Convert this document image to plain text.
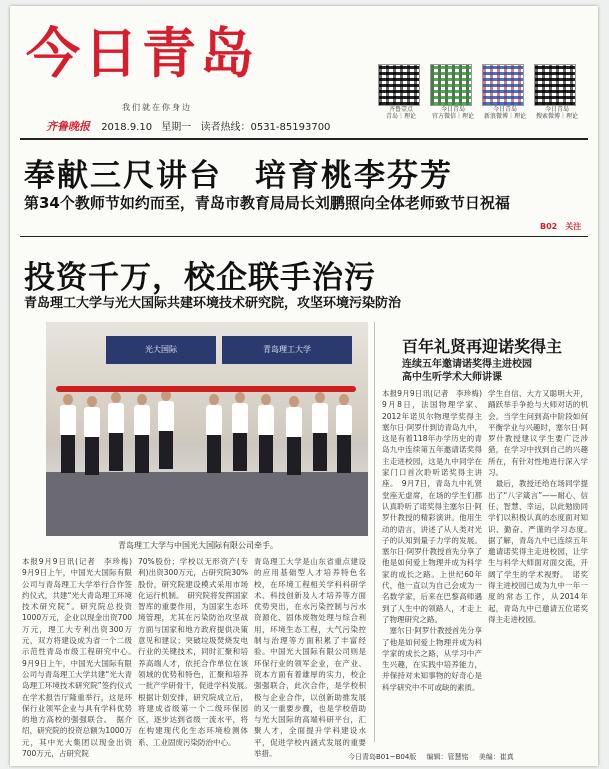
今日青岛
我们就在你身边
齐鲁晚报 2018.9.10 星期一 读者热线：0531-85193700
齐鲁壹点
青岛｜理论
今日青岛
官方微信｜理论
今日青岛
新浪微博｜理论
今日青岛
搜索微博｜理论
奉献三尺讲台　培育桃李芬芳
第34个教师节如约而至，青岛市教育局局长刘鹏照向全体老师致节日祝福
B02　关注
投资千万，校企联手治污
青岛理工大学与光大国际共建环境技术研究院，攻坚环境污染防治
光大国际	青岛理工大学
青岛理工大学与中国光大国际有限公司牵手。
本报9月9日讯(记者　李珍梅)　9月9日上午，中国光大国际有限公司与青岛理工大学举行合作签约仪式，共建“光大青岛理工环境技术研究院”。研究院总投资1000万元，企业以现金出资700万元，理工大专利出资300万元，双方将建设成为省一个二级示范性青岛市级工程研究中心。　9月9日上午，中国光大国际有限公司与青岛理工大学共建“光大青岛理工环境技术研究院”签约仪式在学术报告厅隆重举行，这是环保行业领军企业与具有学科优势的地方高校的强强联合。　据介绍，研究院的投资总额为1000万元，其中光大集团以现金出资700万元，占研究院
70%股份；学校以无形资产(专利)出资300万元，占研究院30%股份，研究院建设模式采用市场化运行机制。　研究院将发挥国家智库的重要作用，为国家生态环境管理，尤其在污染防治攻坚战方面与国家和地方政府提供决策意见和建议；突破垃圾焚烧发电行业的关键技术，同时汇聚和培养高端人才，依托合作单位在该领域的优势和特色，汇聚和培养一批产学研骨干，促进学科发展。　根据计划安排，研究院成立后，将建成省级第一个二级环保园区，逐步达到省级一流水平，将在构建现代化生态环境检测体系、工业固废污染防治中心。
青岛理工大学是山东省重点建设的应用基础型人才培养特色名校，在环境工程相关学科科研学术、科技创新及人才培养等方面优势突出，在水污染控制与污水资源化、固体废物处理与综合利用，环境生态工程，大气污染控制与治理等方面积累了丰富经验。中国光大国际有限公司则是环保行业的领军企业，在产业、资本方面有着雄厚的实力，校企强强联合，此次合作，是学校积极与企业合作，以创新助推发展的又一重要步骤，也是学校借助与光大国际的高端科研平台，汇聚人才，全面提升学科建设水平，促进学校内涵式发展的重要举措。
百年礼贤再迎诺奖得主
连续五年邀请诺奖得主进校园
高中生听学术大师讲课
本报9月9日讯(记者　李珍梅)　9月8日，法国物理学家、2012年诺贝尔物理学奖得主塞尔日·阿罗什到访青岛九中，这是有着118年办学历史的青岛九中连续第五年邀请诺奖得主走进校园，这是九中同学在家门口首次聆听诺奖得主讲座。　9月7日，青岛九中礼贤堂座无虚席，在场的学生们都认真聆听了诺奖得主塞尔日·阿罗什教授的精彩演讲。他用生动的语言，讲述了从人类对光子的认知到量子力学的发展。塞尔日·阿罗什教授首先分享了他是如何爱上物理并成为科学家的成长之路。上世纪60年代，他一直以为自己会成为一名数学家，后来在巴黎高师遇到了人生中的领路人，才走上了物理研究之路。
　塞尔日·阿罗什教授首先分享了他是如何爱上物理并成为科学家的成长之路，从学习中产生兴趣，在实践中培养能力，并保持对未知事物的好奇心是科学研究中不可或缺的素质。
学生自信、大方又聪明大开，踊跃举手争抢与大师对话的机会。当学生问到高中阶段如何平衡学业与兴趣时，塞尔日·阿罗什教授建议学生要广泛涉猎，在学习中找到自己的兴趣所在，有针对性地进行深入学习。
　最后，教授还给在场同学提出了“八字箴言”——耐心、信任、智慧、幸运，以此勉励同学们以积极认真的态度面对知识、勤奋、严谨的学习态度。　据了解，青岛九中已连续五年邀请诺奖得主走进校园，让学生与科学大师面对面交流，开阔了学生的学术视野。　诺奖得主进校园已成为九中一年一度的常态工作，从2014年起，青岛九中已邀请五位诺奖得主走进校园。
今日青岛B01~B04版 编辑：管慧铭 美编：崔真
